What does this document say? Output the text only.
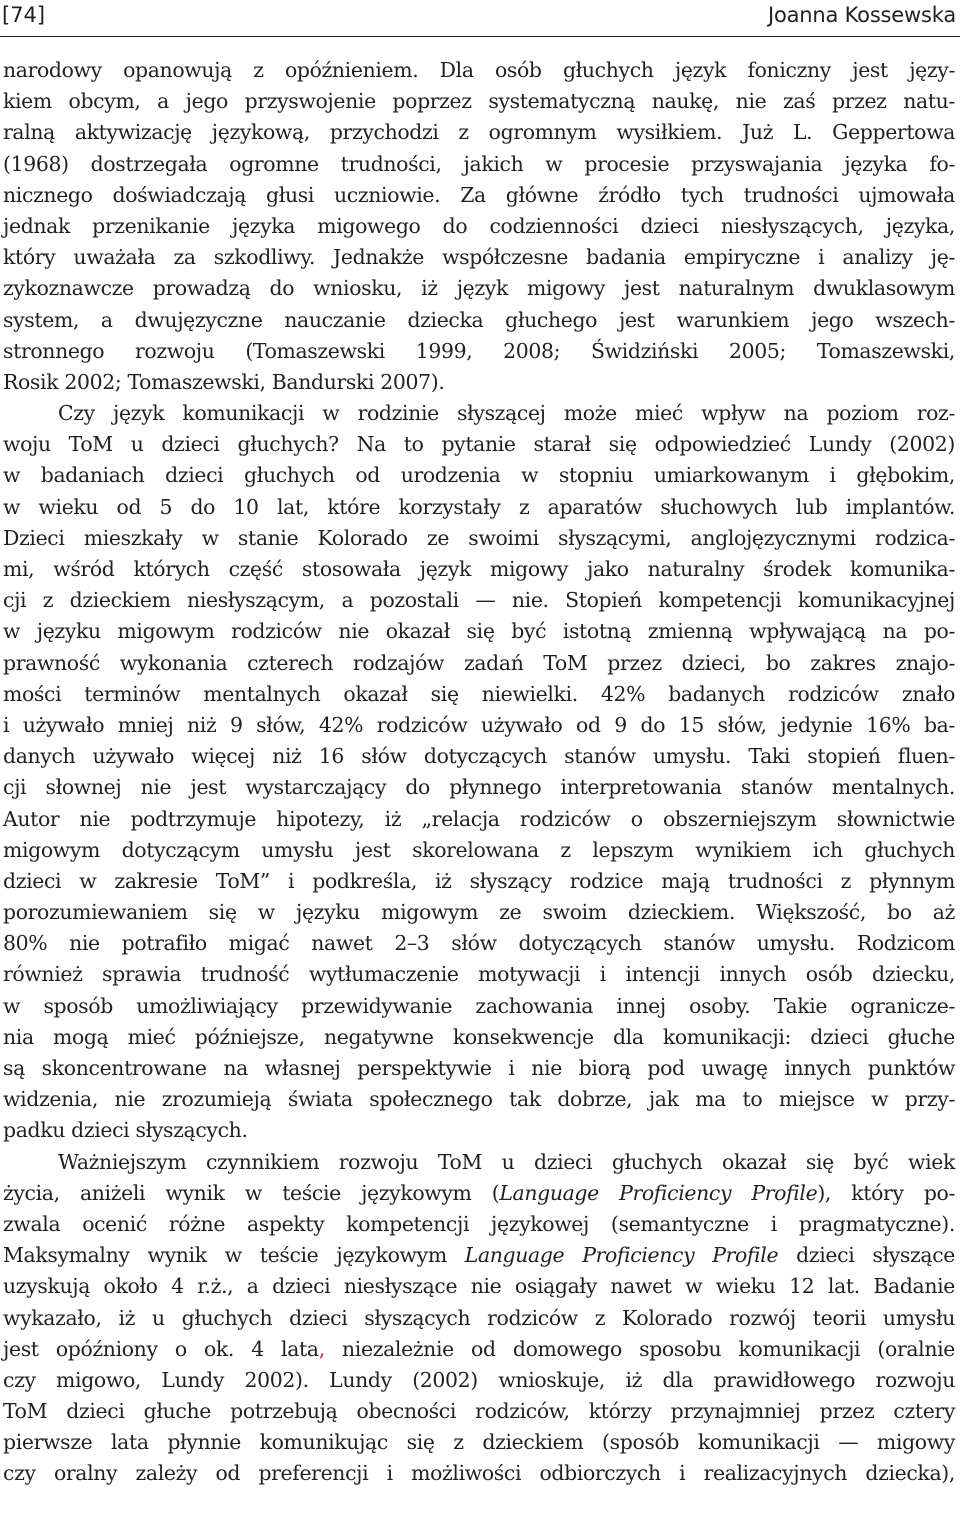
[74]	Joanna Kossewska
narodowy opanowują z opóźnieniem. Dla osób głuchych język foniczny jest języ-
kiem obcym, a jego przyswojenie poprzez systematyczną naukę, nie zaś przez natu-
ralną aktywizację językową, przychodzi z ogromnym wysiłkiem. Już L. Geppertowa
(1968) dostrzegała ogromne trudności, jakich w procesie przyswajania języka fo-
nicznego doświadczają głusi uczniowie. Za główne źródło tych trudności ujmowała
jednak przenikanie języka migowego do codzienności dzieci niesłyszących, języka,
który uważała za szkodliwy. Jednakże współczesne badania empiryczne i analizy ję-
zykoznawcze prowadzą do wniosku, iż język migowy jest naturalnym dwuklasowym
system, a dwujęzyczne nauczanie dziecka głuchego jest warunkiem jego wszech-
stronnego rozwoju (Tomaszewski 1999, 2008; Świdziński 2005; Tomaszewski,
Rosik 2002; Tomaszewski, Bandurski 2007).
Czy język komunikacji w rodzinie słyszącej może mieć wpływ na poziom roz-
woju ToM u dzieci głuchych? Na to pytanie starał się odpowiedzieć Lundy (2002)
w badaniach dzieci głuchych od urodzenia w stopniu umiarkowanym i głębokim,
w wieku od 5 do 10 lat, które korzystały z aparatów słuchowych lub implantów.
Dzieci mieszkały w stanie Kolorado ze swoimi słyszącymi, anglojęzycznymi rodzica-
mi, wśród których część stosowała język migowy jako naturalny środek komunika-
cji z dzieckiem niesłyszącym, a pozostali — nie. Stopień kompetencji komunikacyjnej
w języku migowym rodziców nie okazał się być istotną zmienną wpływającą na po-
prawność wykonania czterech rodzajów zadań ToM przez dzieci, bo zakres znajo-
mości terminów mentalnych okazał się niewielki. 42% badanych rodziców znało
i używało mniej niż 9 słów, 42% rodziców używało od 9 do 15 słów, jedynie 16% ba-
danych używało więcej niż 16 słów dotyczących stanów umysłu. Taki stopień fluen-
cji słownej nie jest wystarczający do płynnego interpretowania stanów mentalnych.
Autor nie podtrzymuje hipotezy, iż „relacja rodziców o obszerniejszym słownictwie
migowym dotyczącym umysłu jest skorelowana z lepszym wynikiem ich głuchych
dzieci w zakresie ToM” i podkreśla, iż słyszący rodzice mają trudności z płynnym
porozumiewaniem się w języku migowym ze swoim dzieckiem. Większość, bo aż
80% nie potrafiło migać nawet 2–3 słów dotyczących stanów umysłu. Rodzicom
również sprawia trudność wytłumaczenie motywacji i intencji innych osób dziecku,
w sposób umożliwiający przewidywanie zachowania innej osoby. Takie ogranicze-
nia mogą mieć późniejsze, negatywne konsekwencje dla komunikacji: dzieci głuche
są skoncentrowane na własnej perspektywie i nie biorą pod uwagę innych punktów
widzenia, nie zrozumieją świata społecznego tak dobrze, jak ma to miejsce w przy-
padku dzieci słyszących.
Ważniejszym czynnikiem rozwoju ToM u dzieci głuchych okazał się być wiek
życia, aniżeli wynik w teście językowym (Language Proficiency Profile), który po-
zwala ocenić różne aspekty kompetencji językowej (semantyczne i pragmatyczne).
Maksymalny wynik w teście językowym Language Proficiency Profile dzieci słyszące
uzyskują około 4 r.ż., a dzieci niesłyszące nie osiągały nawet w wieku 12 lat. Badanie
wykazało, iż u głuchych dzieci słyszących rodziców z Kolorado rozwój teorii umysłu
jest opóźniony o ok. 4 lata, niezależnie od domowego sposobu komunikacji (oralnie
czy migowo, Lundy 2002). Lundy (2002) wnioskuje, iż dla prawidłowego rozwoju
ToM dzieci głuche potrzebują obecności rodziców, którzy przynajmniej przez cztery
pierwsze lata płynnie komunikując się z dzieckiem (sposób komunikacji — migowy
czy oralny zależy od preferencji i możliwości odbiorczych i realizacyjnych dziecka),
